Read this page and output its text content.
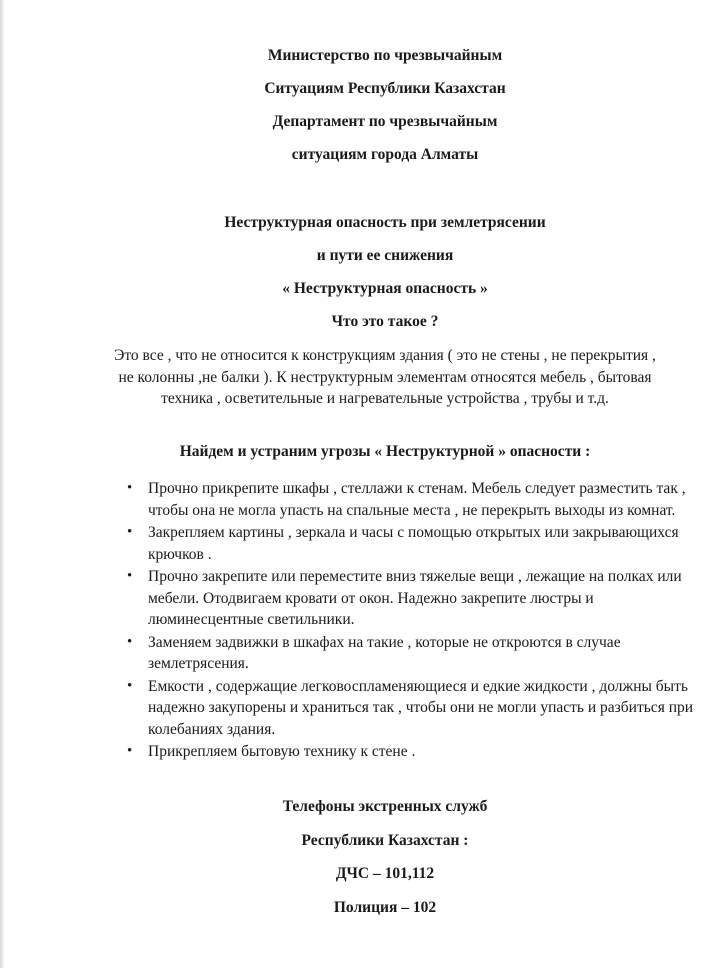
Министерство по чрезвычайным
Ситуациям Республики Казахстан
Департамент по чрезвычайным
ситуациям города Алматы
Неструктурная опасность при землетрясении
и пути ее снижения
« Неструктурная опасность »
Что это такое ?
Это все , что не относится к конструкциям здания ( это не стены , не перекрытия , не колонны ,не балки ). К неструктурным элементам относятся мебель , бытовая техника , осветительные и нагревательные устройства , трубы и т.д.
Найдем и устраним угрозы « Неструктурной » опасности :
• Прочно прикрепите шкафы , стеллажи к стенам. Мебель следует разместить так , чтобы она не могла упасть на спальные места , не перекрыть выходы из комнат.
• Закрепляем картины , зеркала и часы с помощью открытых или закрывающихся крючков .
• Прочно закрепите или переместите вниз тяжелые вещи , лежащие на полках или мебели. Отодвигаем кровати от окон. Надежно закрепите люстры и люминесцентные светильники.
• Заменяем задвижки в шкафах на такие , которые не откроются в случае землетрясения.
• Емкости , содержащие легковоспламеняющиеся и едкие жидкости , должны быть надежно закупорены и храниться так , чтобы они не могли упасть и разбиться при колебаниях здания.
• Прикрепляем бытовую технику к стене .
Телефоны экстренных служб
Республики Казахстан :
ДЧС – 101,112
Полиция – 102
